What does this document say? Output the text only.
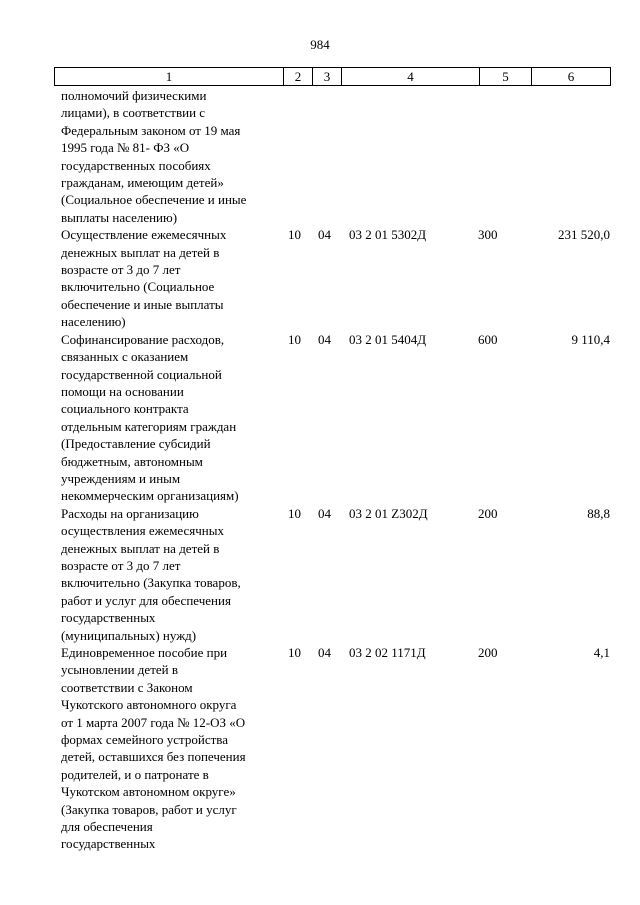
984
1	2	3	4	5	6
полномочий физическими
лицами), в соответствии с
Федеральным законом от 19 мая
1995 года № 81- ФЗ «О
государственных пособиях
гражданам, имеющим детей»
(Социальное обеспечение и иные
выплаты населению)
Осуществление ежемесячных
денежных выплат на детей в
возрасте от 3 до 7 лет
включительно (Социальное
обеспечение и иные выплаты
населению)
10	04	03 2 01 5302Д	300	231 520,0
Софинансирование расходов,
связанных с оказанием
государственной социальной
помощи на основании
социального контракта
отдельным категориям граждан
(Предоставление субсидий
бюджетным, автономным
учреждениям и иным
некоммерческим организациям)
10	04	03 2 01 5404Д	600	9 110,4
Расходы на организацию
осуществления ежемесячных
денежных выплат на детей в
возрасте от 3 до 7 лет
включительно (Закупка товаров,
работ и услуг для обеспечения
государственных
(муниципальных) нужд)
10	04	03 2 01 Z302Д	200	88,8
Единовременное пособие при
усыновлении детей в
соответствии с Законом
Чукотского автономного округа
от 1 марта 2007 года № 12-ОЗ «О
формах семейного устройства
детей, оставшихся без попечения
родителей, и о патронате в
Чукотском автономном округе»
(Закупка товаров, работ и услуг
для обеспечения
государственных
10	04	03 2 02 1171Д	200	4,1
